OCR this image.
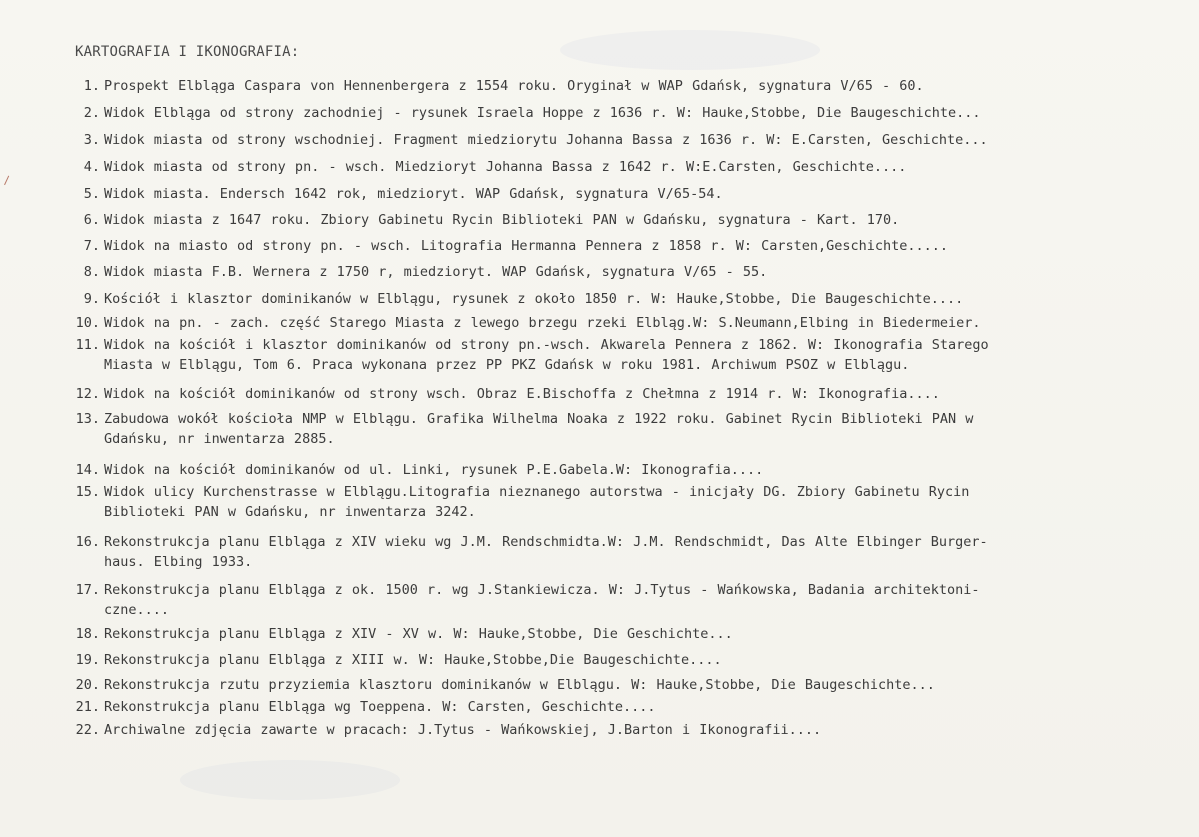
KARTOGRAFIA I IKONOGRAFIA:
1. Prospekt Elbląga Caspara von Hennenbergera z 1554 roku. Oryginał w WAP Gdańsk, sygnatura V/65 - 60.
2. Widok Elbląga od strony zachodniej - rysunek Israela Hoppe z 1636 r. W: Hauke,Stobbe, Die Baugeschichte...
3. Widok miasta od strony wschodniej. Fragment miedziorytu Johanna Bassa z 1636 r. W: E.Carsten, Geschichte...
4. Widok miasta od strony pn. - wsch. Miedzioryt Johanna Bassa z 1642 r. W:E.Carsten, Geschichte....
5. Widok miasta. Endersch 1642 rok, miedzioryt. WAP Gdańsk, sygnatura V/65-54.
6. Widok miasta z 1647 roku. Zbiory Gabinetu Rycin Biblioteki PAN w Gdańsku, sygnatura - Kart. 170.
7. Widok na miasto od strony pn. - wsch. Litografia Hermanna Pennera z 1858 r. W: Carsten,Geschichte.....
8. Widok miasta F.B. Wernera z 1750 r, miedzioryt. WAP Gdańsk, sygnatura V/65 - 55.
9. Kościół i klasztor dominikanów w Elblągu, rysunek z około 1850 r. W: Hauke,Stobbe, Die Baugeschichte....
10. Widok na pn. - zach. część Starego Miasta z lewego brzegu rzeki Elbląg.W: S.Neumann,Elbing in Biedermeier.
11. Widok na kościół i klasztor dominikanów od strony pn.-wsch. Akwarela Pennera z 1862. W: Ikonografia Starego
Miasta w Elblągu, Tom 6. Praca wykonana przez PP PKZ Gdańsk w roku 1981. Archiwum PSOZ w Elblągu.
12. Widok na kościół dominikanów od strony wsch. Obraz E.Bischoffa z Chełmna z 1914 r. W: Ikonografia....
13. Zabudowa wokół kościoła NMP w Elblągu. Grafika Wilhelma Noaka z 1922 roku. Gabinet Rycin Biblioteki PAN w
Gdańsku, nr inwentarza 2885.
14. Widok na kościół dominikanów od ul. Linki, rysunek P.E.Gabela.W: Ikonografia....
15. Widok ulicy Kurchenstrasse w Elblągu.Litografia nieznanego autorstwa - inicjały DG. Zbiory Gabinetu Rycin
Biblioteki PAN w Gdańsku, nr inwentarza 3242.
16. Rekonstrukcja planu Elbląga z XIV wieku wg J.M. Rendschmidta.W: J.M. Rendschmidt, Das Alte Elbinger Burger-
haus. Elbing 1933.
17. Rekonstrukcja planu Elbląga z ok. 1500 r. wg J.Stankiewicza. W: J.Tytus - Wańkowska, Badania architektoni-
czne....
18. Rekonstrukcja planu Elbląga z XIV - XV w. W: Hauke,Stobbe, Die Geschichte...
19. Rekonstrukcja planu Elbląga z XIII w. W: Hauke,Stobbe,Die Baugeschichte....
20. Rekonstrukcja rzutu przyziemia klasztoru dominikanów w Elblągu. W: Hauke,Stobbe, Die Baugeschichte...
21. Rekonstrukcja planu Elbląga wg Toeppena. W: Carsten, Geschichte....
22. Archiwalne zdjęcia zawarte w pracach: J.Tytus - Wańkowskiej, J.Barton i Ikonografii....
